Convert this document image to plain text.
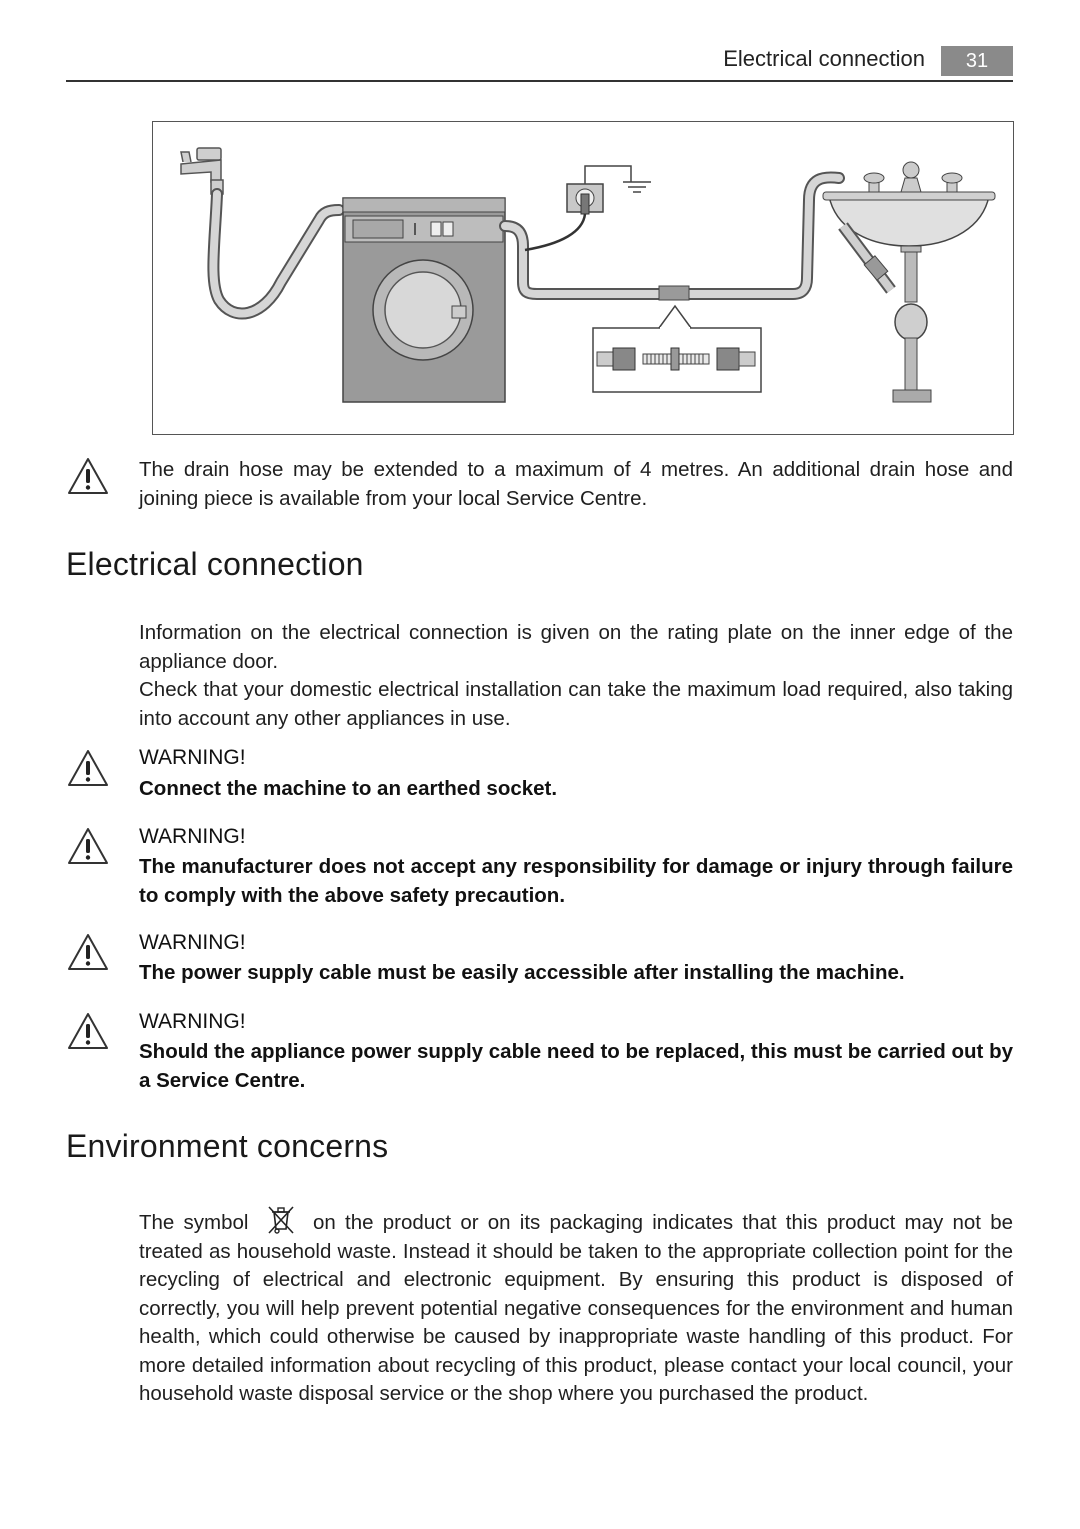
Electrical connection	31
The drain hose may be extended to a maximum of 4 metres. An additional drain hose and joining piece is available from your local Service Centre.
Electrical connection
Information on the electrical connection is given on the rating plate on the inner edge of the appliance door.
Check that your domestic electrical installation can take the maximum load required, also taking into account any other appliances in use.
WARNING!
Connect the machine to an earthed socket.
WARNING!
The manufacturer does not accept any responsibility for damage or injury through failure to comply with the above safety precaution.
WARNING!
The power supply cable must be easily accessible after installing the machine.
WARNING!
Should the appliance power supply cable need to be replaced, this must be carried out by a Service Centre.
Environment concerns
The symbol	on the product or on its packaging indicates that this product may not be treated as household waste. Instead it should be taken to the appropriate collection point for the recycling of electrical and electronic equipment. By ensuring this product is disposed of correctly, you will help prevent potential negative consequences for the environment and human health, which could otherwise be caused by inappropriate waste handling of this product. For more detailed information about recycling of this product, please contact your local council, your household waste disposal service or the shop where you purchased the product.
